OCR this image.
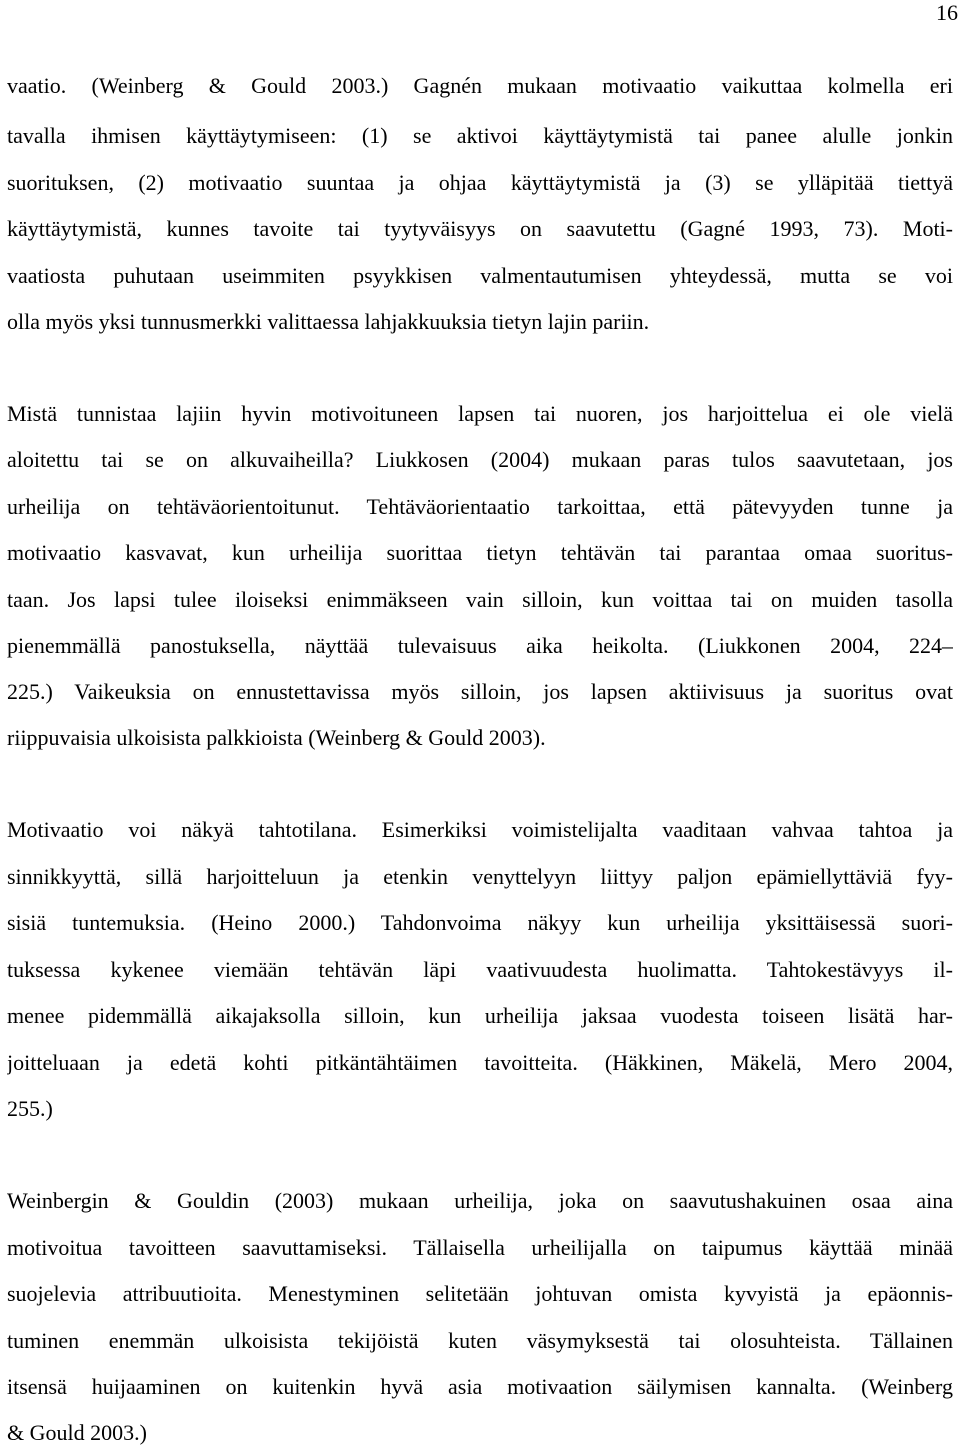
16
vaatio. (Weinberg & Gould 2003.) Gagnén mukaan motivaatio vaikuttaa kolmella eri
tavalla ihmisen käyttäytymiseen: (1) se aktivoi käyttäytymistä tai panee alulle jonkin
suorituksen, (2) motivaatio suuntaa ja ohjaa käyttäytymistä ja (3) se ylläpitää tiettyä
käyttäytymistä, kunnes tavoite tai tyytyväisyys on saavutettu (Gagné 1993, 73). Moti-
vaatiosta puhutaan useimmiten psyykkisen valmentautumisen yhteydessä, mutta se voi
olla myös yksi tunnusmerkki valittaessa lahjakkuuksia tietyn lajin pariin.
Mistä tunnistaa lajiin hyvin motivoituneen lapsen tai nuoren, jos harjoittelua ei ole vielä
aloitettu tai se on alkuvaiheilla? Liukkosen (2004) mukaan paras tulos saavutetaan, jos
urheilija on tehtäväorientoitunut. Tehtäväorientaatio tarkoittaa, että pätevyyden tunne ja
motivaatio kasvavat, kun urheilija suorittaa tietyn tehtävän tai parantaa omaa suoritus-
taan. Jos lapsi tulee iloiseksi enimmäkseen vain silloin, kun voittaa tai on muiden tasolla
pienemmällä panostuksella, näyttää tulevaisuus aika heikolta. (Liukkonen 2004, 224–
225.) Vaikeuksia on ennustettavissa myös silloin, jos lapsen aktiivisuus ja suoritus ovat
riippuvaisia ulkoisista palkkioista (Weinberg & Gould 2003).
Motivaatio voi näkyä tahtotilana. Esimerkiksi voimistelijalta vaaditaan vahvaa tahtoa ja
sinnikkyyttä, sillä harjoitteluun ja etenkin venyttelyyn liittyy paljon epämiellyttäviä fyy-
sisiä tuntemuksia. (Heino 2000.) Tahdonvoima näkyy kun urheilija yksittäisessä suori-
tuksessa kykenee viemään tehtävän läpi vaativuudesta huolimatta. Tahtokestävyys il-
menee pidemmällä aikajaksolla silloin, kun urheilija jaksaa vuodesta toiseen lisätä har-
joitteluaan ja edetä kohti pitkäntähtäimen tavoitteita. (Häkkinen, Mäkelä, Mero 2004,
255.)
Weinbergin & Gouldin (2003) mukaan urheilija, joka on saavutushakuinen osaa aina
motivoitua tavoitteen saavuttamiseksi. Tällaisella urheilijalla on taipumus käyttää minää
suojelevia attribuutioita. Menestyminen selitetään johtuvan omista kyvyistä ja epäonnis-
tuminen enemmän ulkoisista tekijöistä kuten väsymyksestä tai olosuhteista. Tällainen
itsensä huijaaminen on kuitenkin hyvä asia motivaation säilymisen kannalta. (Weinberg
& Gould 2003.)
